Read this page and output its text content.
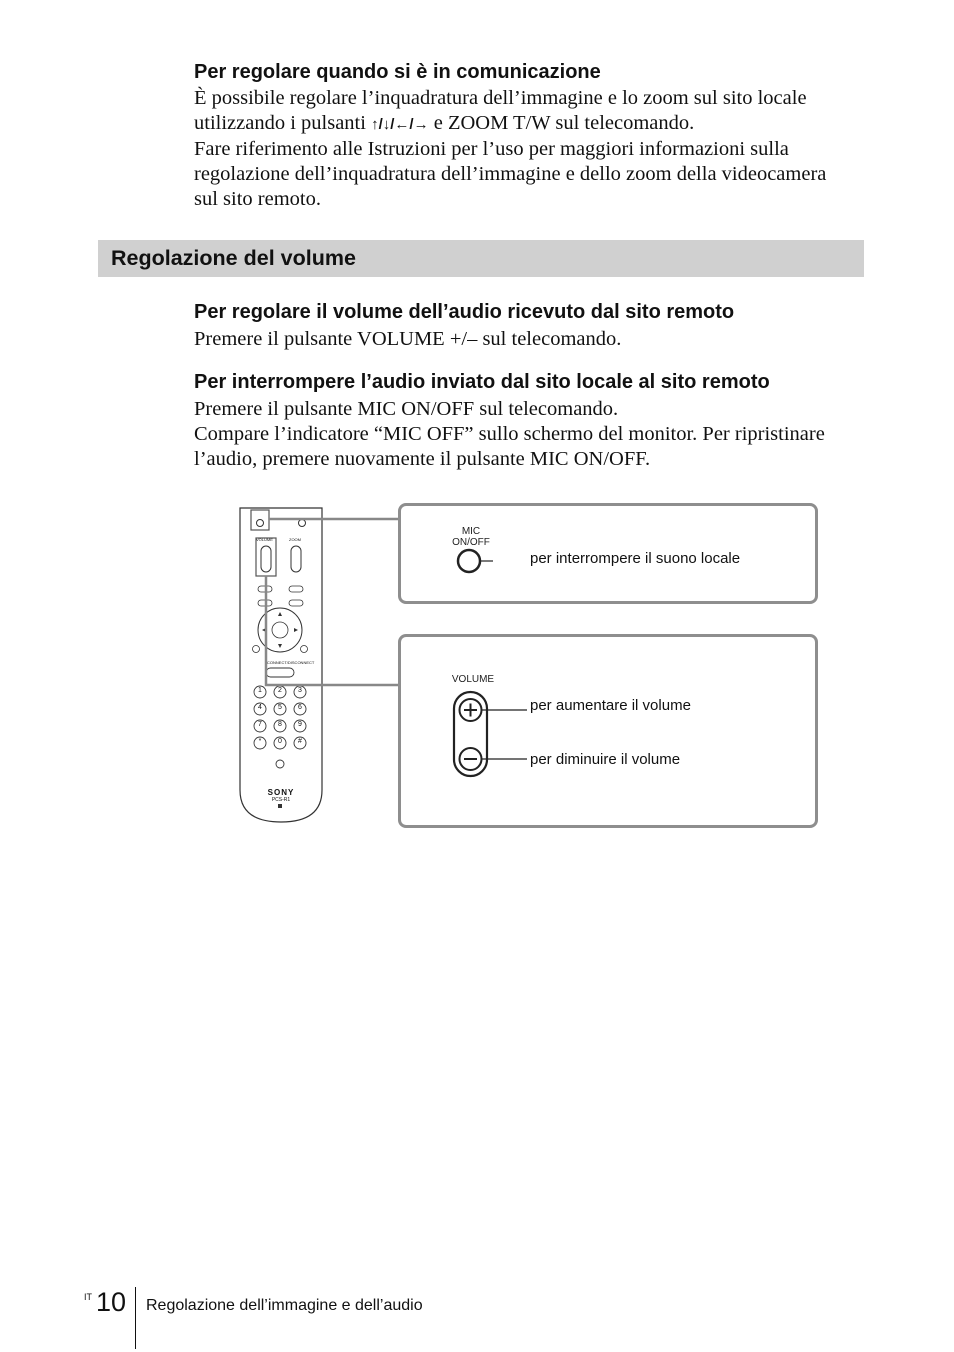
Per regolare quando si è in comunicazione
È possibile regolare l’inquadratura dell’immagine e lo zoom sul sito locale
utilizzando i pulsanti ↑/↓/←/→ e ZOOM T/W sul telecomando.
Fare riferimento alle Istruzioni per l’uso per maggiori informazioni sulla
regolazione dell’inquadratura dell’immagine e dello zoom della videocamera
sul sito remoto.
Regolazione del volume
Per regolare il volume dell’audio ricevuto dal sito remoto
Premere il pulsante VOLUME +/– sul telecomando.
Per interrompere l’audio inviato dal sito locale al sito remoto
Premere il pulsante MIC ON/OFF sul telecomando.
Compare l’indicatore “MIC OFF” sullo schermo del monitor. Per ripristinare
l’audio, premere nuovamente il pulsante MIC ON/OFF.
SONY
PCS-R1
VOLUME	ZOOM
CONNECT/DISCONNECT
1	2	3
4	5	6
7	8	9
*	0	#
MIC
ON/OFF
per interrompere il suono locale
VOLUME
per aumentare il volume
per diminuire il volume
IT 10 Regolazione dell’immagine e dell’audio
